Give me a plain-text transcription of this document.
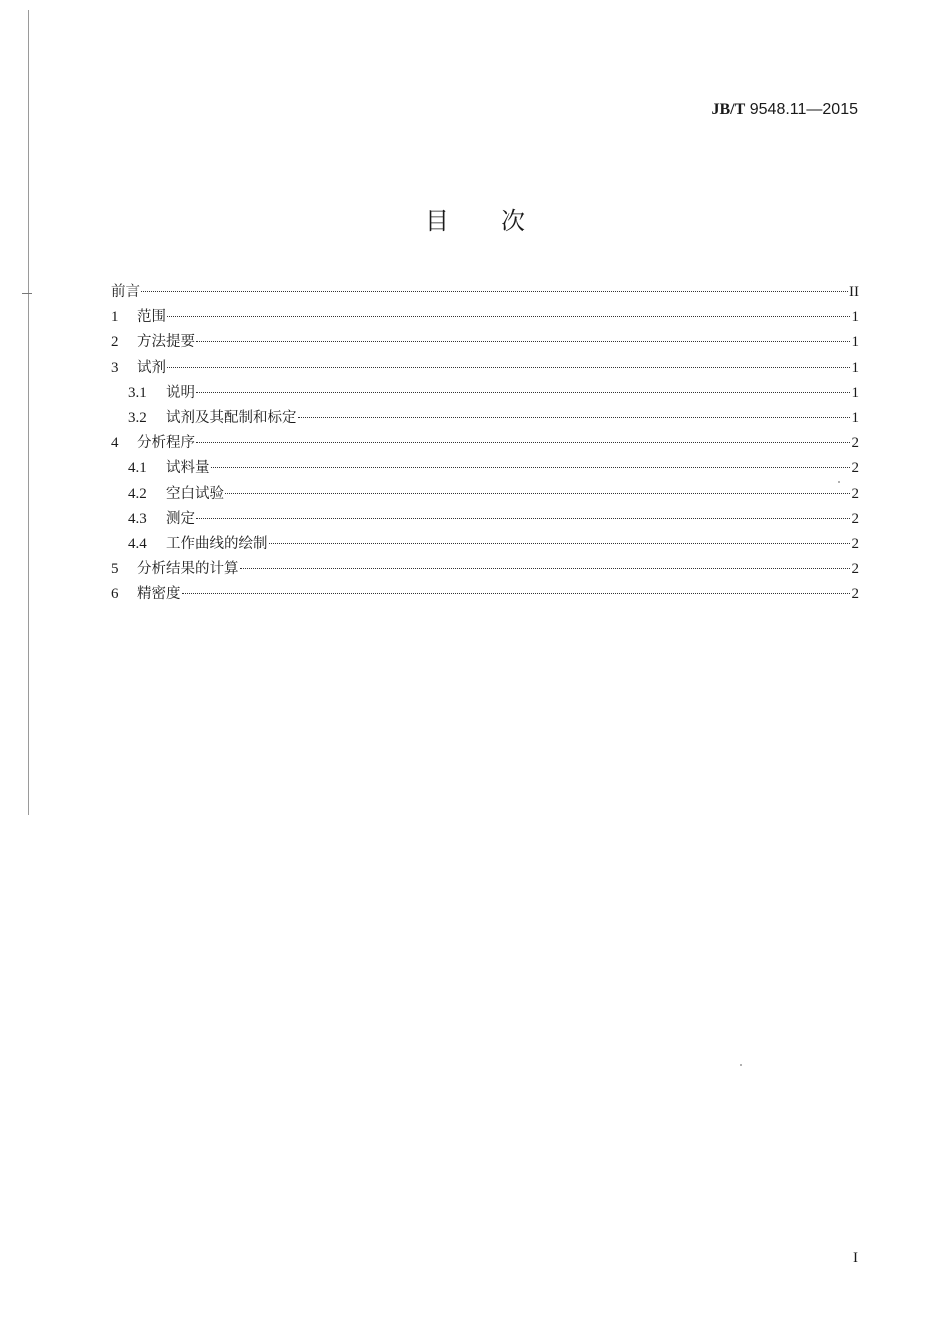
JB/T 9548.11—2015
目 次
前言	II
1	范围	1
2	方法提要	1
3	试剂	1
3.1	说明	1
3.2	试剂及其配制和标定	1
4	分析程序	2
4.1	试料量	2
4.2	空白试验	2
4.3	测定	2
4.4	工作曲线的绘制	2
5	分析结果的计算	2
6	精密度	2
I
